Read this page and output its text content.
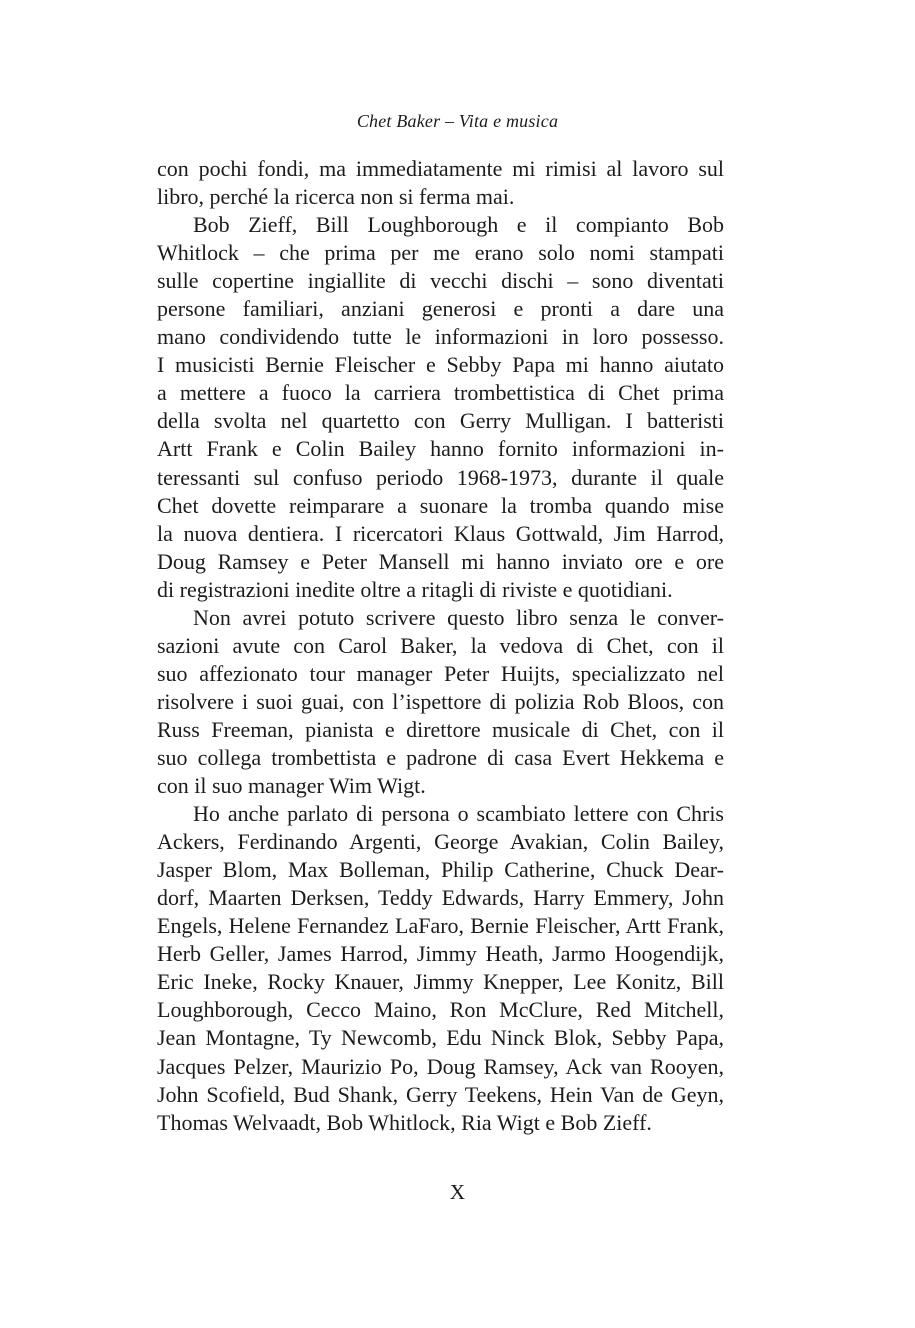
Chet Baker – Vita e musica
con pochi fondi, ma immediatamente mi rimisi al lavoro sul
libro, perché la ricerca non si ferma mai.
Bob Zieff, Bill Loughborough e il compianto Bob
Whitlock – che prima per me erano solo nomi stampati
sulle copertine ingiallite di vecchi dischi – sono diventati
persone familiari, anziani generosi e pronti a dare una
mano condividendo tutte le informazioni in loro possesso.
I musicisti Bernie Fleischer e Sebby Papa mi hanno aiutato
a mettere a fuoco la carriera trombettistica di Chet prima
della svolta nel quartetto con Gerry Mulligan. I batteristi
Artt Frank e Colin Bailey hanno fornito informazioni in-
teressanti sul confuso periodo 1968-1973, durante il quale
Chet dovette reimparare a suonare la tromba quando mise
la nuova dentiera. I ricercatori Klaus Gottwald, Jim Harrod,
Doug Ramsey e Peter Mansell mi hanno inviato ore e ore
di registrazioni inedite oltre a ritagli di riviste e quotidiani.
Non avrei potuto scrivere questo libro senza le conver-
sazioni avute con Carol Baker, la vedova di Chet, con il
suo affezionato tour manager Peter Huijts, specializzato nel
risolvere i suoi guai, con l’ispettore di polizia Rob Bloos, con
Russ Freeman, pianista e direttore musicale di Chet, con il
suo collega trombettista e padrone di casa Evert Hekkema e
con il suo manager Wim Wigt.
Ho anche parlato di persona o scambiato lettere con Chris
Ackers, Ferdinando Argenti, George Avakian, Colin Bailey,
Jasper Blom, Max Bolleman, Philip Catherine, Chuck Dear-
dorf, Maarten Derksen, Teddy Edwards, Harry Emmery, John
Engels, Helene Fernandez LaFaro, Bernie Fleischer, Artt Frank,
Herb Geller, James Harrod, Jimmy Heath, Jarmo Hoogendijk,
Eric Ineke, Rocky Knauer, Jimmy Knepper, Lee Konitz, Bill
Loughborough, Cecco Maino, Ron McClure, Red Mitchell,
Jean Montagne, Ty Newcomb, Edu Ninck Blok, Sebby Papa,
Jacques Pelzer, Maurizio Po, Doug Ramsey, Ack van Rooyen,
John Scofield, Bud Shank, Gerry Teekens, Hein Van de Geyn,
Thomas Welvaadt, Bob Whitlock, Ria Wigt e Bob Zieff.
X
